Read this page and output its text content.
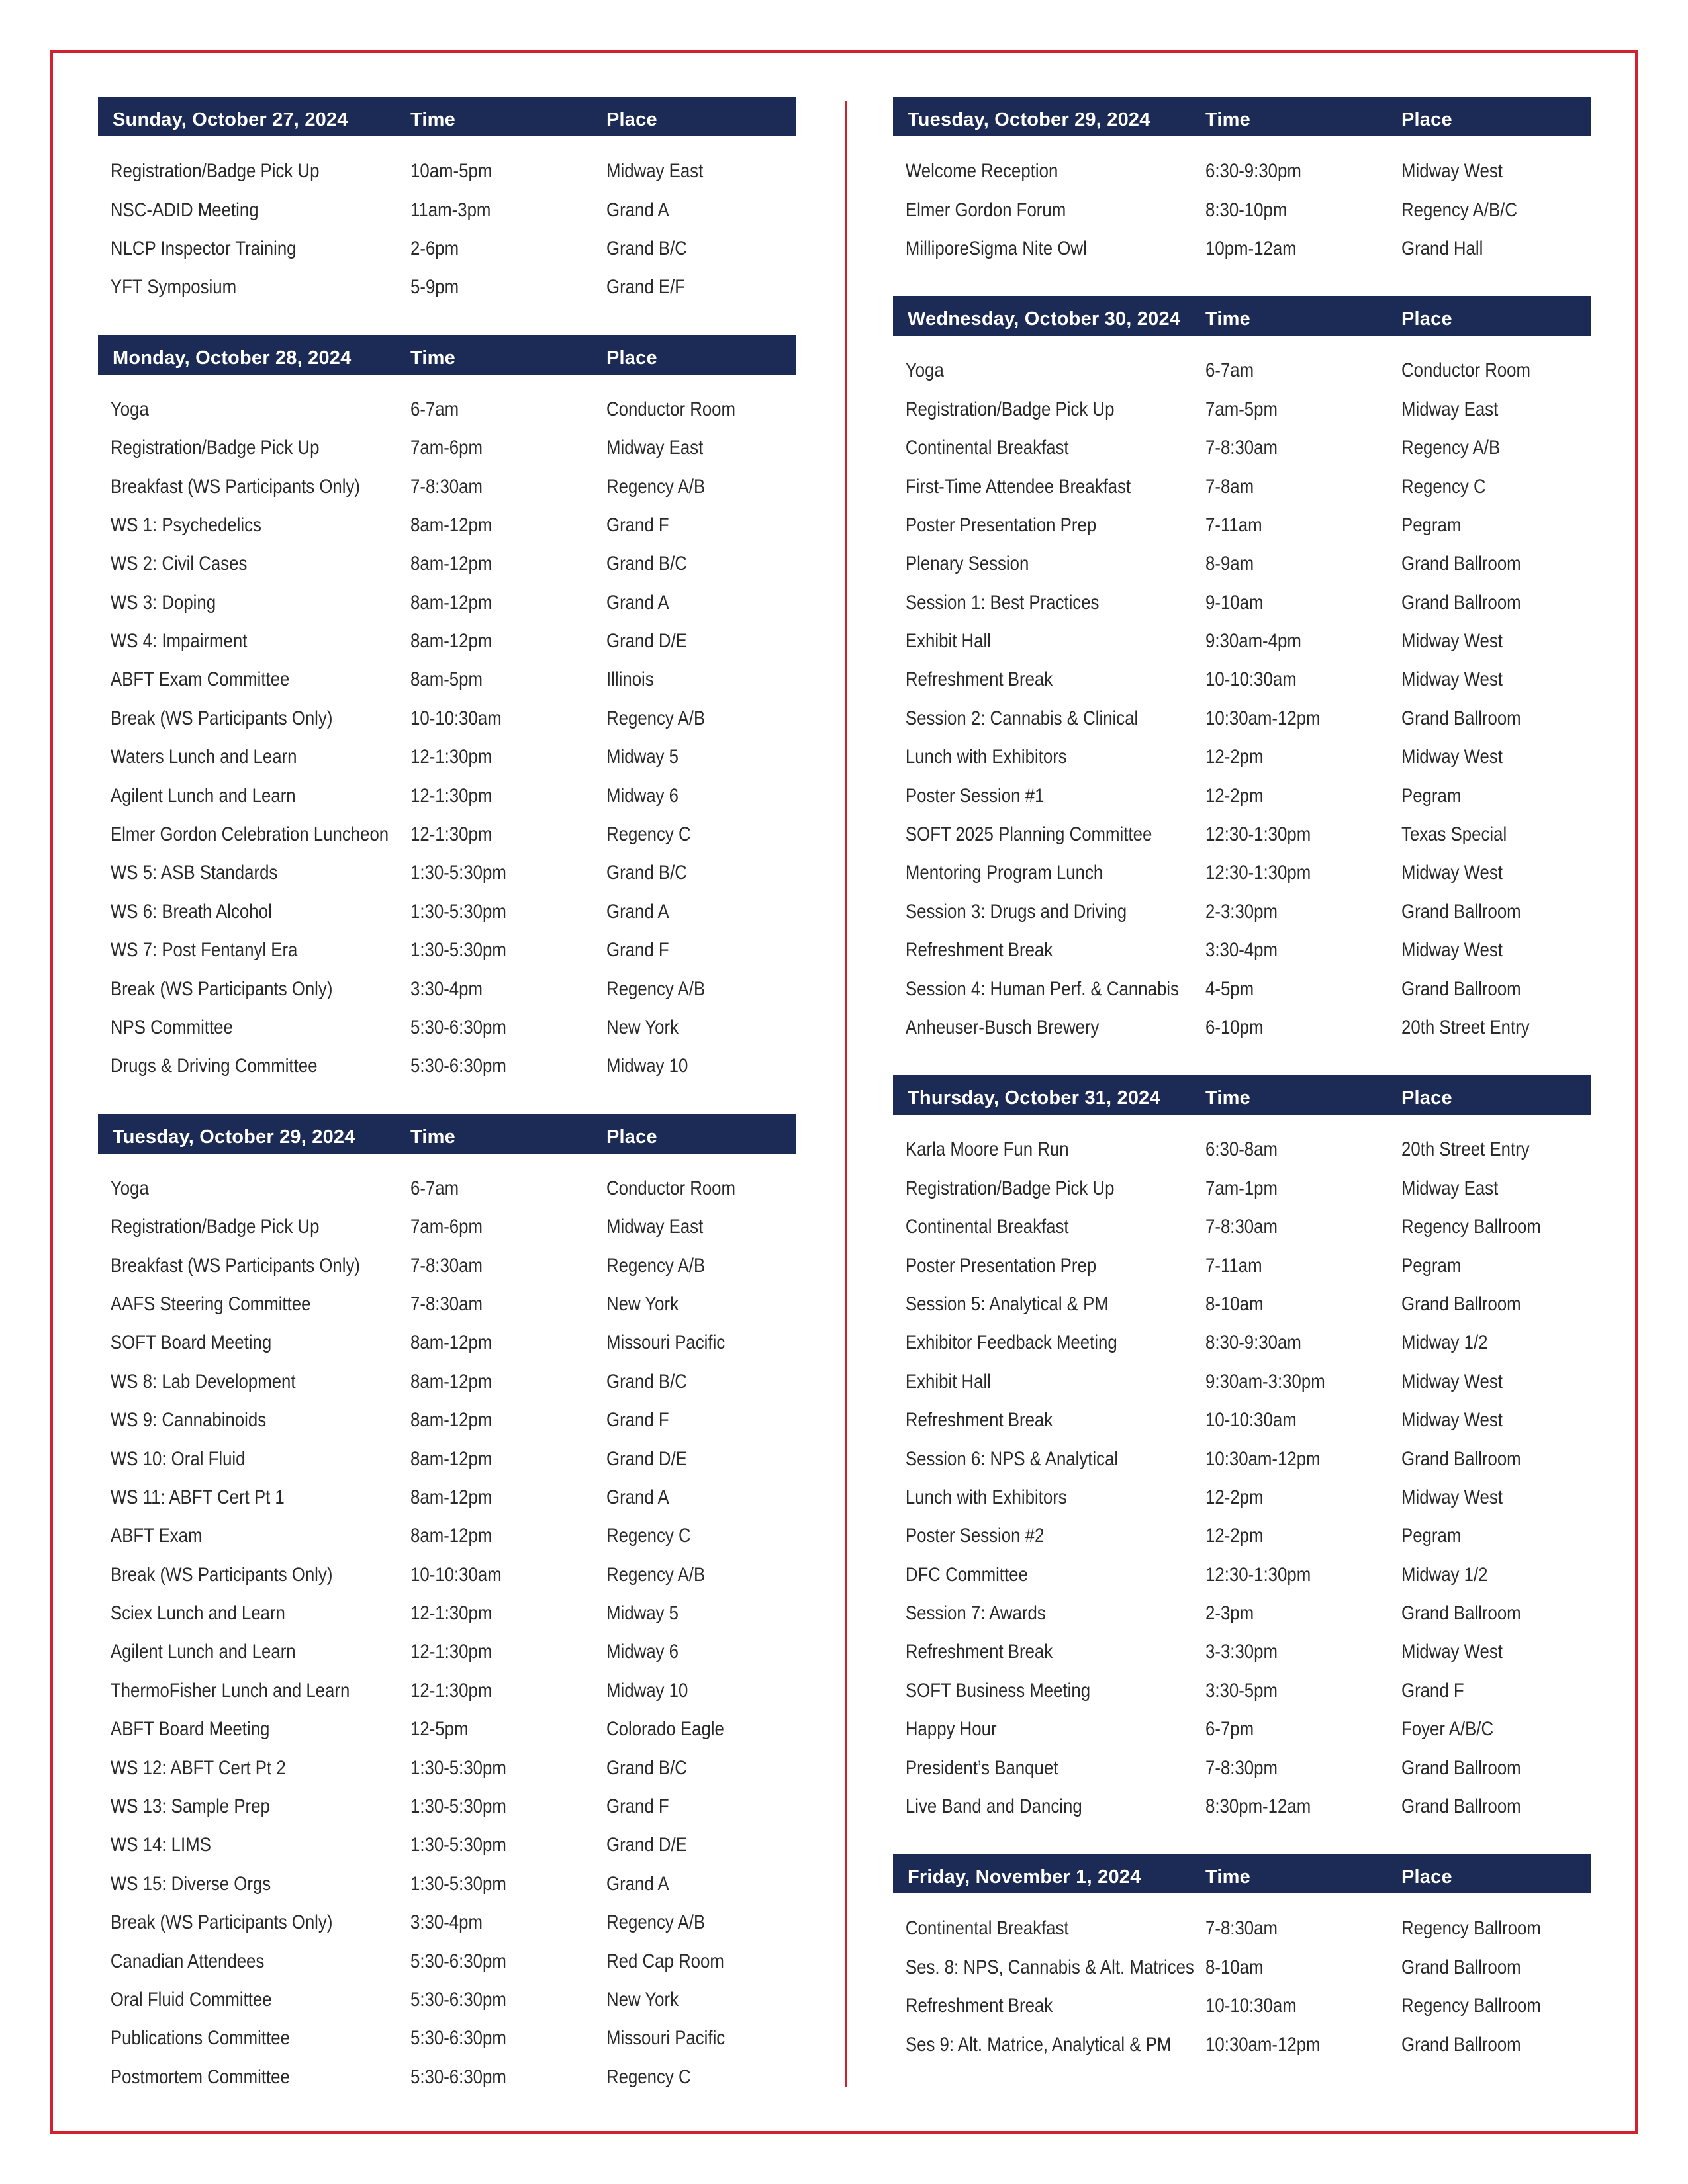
Sunday, October 27, 2024	Time	Place
Registration/Badge Pick Up	10am-5pm	Midway East
NSC-ADID Meeting	11am-3pm	Grand A
NLCP Inspector Training	2-6pm	Grand B/C
YFT Symposium	5-9pm	Grand E/F
Monday, October 28, 2024	Time	Place
Yoga	6-7am	Conductor Room
Registration/Badge Pick Up	7am-6pm	Midway East
Breakfast (WS Participants Only)	7-8:30am	Regency A/B
WS 1: Psychedelics	8am-12pm	Grand F
WS 2: Civil Cases	8am-12pm	Grand B/C
WS 3: Doping	8am-12pm	Grand A
WS 4: Impairment	8am-12pm	Grand D/E
ABFT Exam Committee	8am-5pm	Illinois
Break (WS Participants Only)	10-10:30am	Regency A/B
Waters Lunch and Learn	12-1:30pm	Midway 5
Agilent Lunch and Learn	12-1:30pm	Midway 6
Elmer Gordon Celebration Luncheon 12-1:30pm	Regency C
WS 5: ASB Standards	1:30-5:30pm	Grand B/C
WS 6: Breath Alcohol	1:30-5:30pm	Grand A
WS 7: Post Fentanyl Era	1:30-5:30pm	Grand F
Break (WS Participants Only)	3:30-4pm	Regency A/B
NPS Committee	5:30-6:30pm	New York
Drugs & Driving Committee	5:30-6:30pm	Midway 10
Tuesday, October 29, 2024	Time	Place
Yoga	6-7am	Conductor Room
Registration/Badge Pick Up	7am-6pm	Midway East
Breakfast (WS Participants Only)	7-8:30am	Regency A/B
AAFS Steering Committee	7-8:30am	New York
SOFT Board Meeting	8am-12pm	Missouri Pacific
WS 8: Lab Development	8am-12pm	Grand B/C
WS 9: Cannabinoids	8am-12pm	Grand F
WS 10: Oral Fluid	8am-12pm	Grand D/E
WS 11: ABFT Cert Pt 1	8am-12pm	Grand A
ABFT Exam	8am-12pm	Regency C
Break (WS Participants Only)	10-10:30am	Regency A/B
Sciex Lunch and Learn	12-1:30pm	Midway 5
Agilent Lunch and Learn	12-1:30pm	Midway 6
ThermoFisher Lunch and Learn	12-1:30pm	Midway 10
ABFT Board Meeting	12-5pm	Colorado Eagle
WS 12: ABFT Cert Pt 2	1:30-5:30pm	Grand B/C
WS 13: Sample Prep	1:30-5:30pm	Grand F
WS 14: LIMS	1:30-5:30pm	Grand D/E
WS 15: Diverse Orgs	1:30-5:30pm	Grand A
Break (WS Participants Only)	3:30-4pm	Regency A/B
Canadian Attendees	5:30-6:30pm	Red Cap Room
Oral Fluid Committee	5:30-6:30pm	New York
Publications Committee	5:30-6:30pm	Missouri Pacific
Postmortem Committee	5:30-6:30pm	Regency C
Tuesday, October 29, 2024	Time	Place
Welcome Reception	6:30-9:30pm	Midway West
Elmer Gordon Forum	8:30-10pm	Regency A/B/C
MilliporeSigma Nite Owl	10pm-12am	Grand Hall
Wednesday, October 30, 2024	Time	Place
Yoga	6-7am	Conductor Room
Registration/Badge Pick Up	7am-5pm	Midway East
Continental Breakfast	7-8:30am	Regency A/B
First-Time Attendee Breakfast	7-8am	Regency C
Poster Presentation Prep	7-11am	Pegram
Plenary Session	8-9am	Grand Ballroom
Session 1: Best Practices	9-10am	Grand Ballroom
Exhibit Hall	9:30am-4pm	Midway West
Refreshment Break	10-10:30am	Midway West
Session 2: Cannabis & Clinical	10:30am-12pm	Grand Ballroom
Lunch with Exhibitors	12-2pm	Midway West
Poster Session #1	12-2pm	Pegram
SOFT 2025 Planning Committee	12:30-1:30pm	Texas Special
Mentoring Program Lunch	12:30-1:30pm	Midway West
Session 3: Drugs and Driving	2-3:30pm	Grand Ballroom
Refreshment Break	3:30-4pm	Midway West
Session 4: Human Perf. & Cannabis 4-5pm	Grand Ballroom
Anheuser-Busch Brewery	6-10pm	20th Street Entry
Thursday, October 31, 2024	Time	Place
Karla Moore Fun Run	6:30-8am	20th Street Entry
Registration/Badge Pick Up	7am-1pm	Midway East
Continental Breakfast	7-8:30am	Regency Ballroom
Poster Presentation Prep	7-11am	Pegram
Session 5: Analytical & PM	8-10am	Grand Ballroom
Exhibitor Feedback Meeting	8:30-9:30am	Midway 1/2
Exhibit Hall	9:30am-3:30pm	Midway West
Refreshment Break	10-10:30am	Midway West
Session 6: NPS & Analytical	10:30am-12pm	Grand Ballroom
Lunch with Exhibitors	12-2pm	Midway West
Poster Session #2	12-2pm	Pegram
DFC Committee	12:30-1:30pm	Midway 1/2
Session 7: Awards	2-3pm	Grand Ballroom
Refreshment Break	3-3:30pm	Midway West
SOFT Business Meeting	3:30-5pm	Grand F
Happy Hour	6-7pm	Foyer A/B/C
President’s Banquet	7-8:30pm	Grand Ballroom
Live Band and Dancing	8:30pm-12am	Grand Ballroom
Friday, November 1, 2024	Time	Place
Continental Breakfast	7-8:30am	Regency Ballroom
Ses. 8: NPS, Cannabis & Alt. Matrices 8-10am	Grand Ballroom
Refreshment Break	10-10:30am	Regency Ballroom
Ses 9: Alt. Matrice, Analytical & PM 10:30am-12pm	Grand Ballroom
